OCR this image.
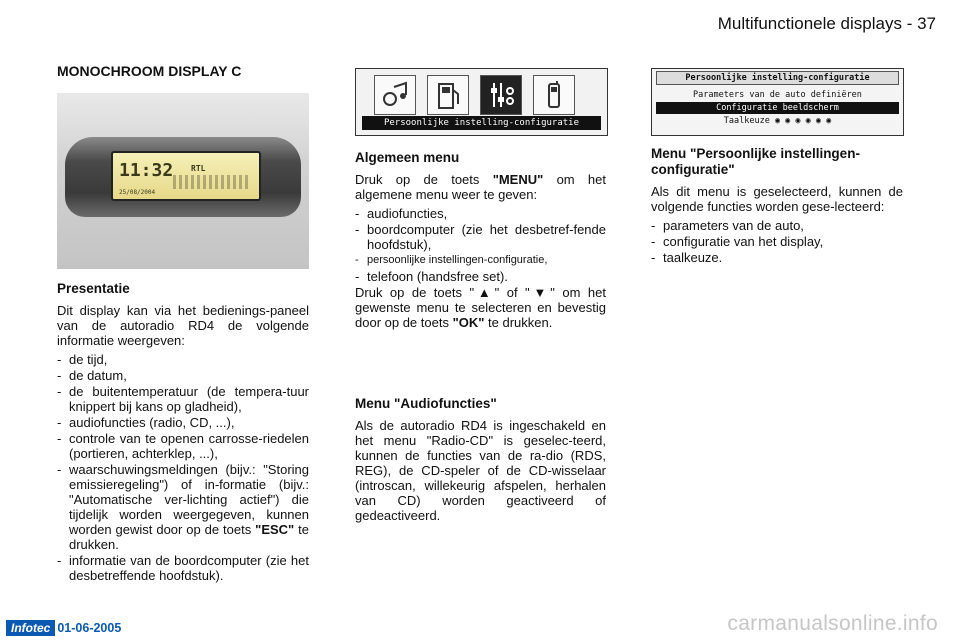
Multifunctionele displays - 37
MONOCHROOM DISPLAY C
11:32
25/08/2004
RTL
Presentatie

Dit display kan via het bedienings-paneel van de autoradio RD4 de volgende informatie weergeven:

- de tijd,
- de datum,
- de buitentemperatuur (de tempera-tuur knippert bij kans op gladheid),
- audiofuncties (radio, CD, ...),
- controle van te openen carrosse-riedelen (portieren, achterklep, ...),
- waarschuwingsmeldingen (bijv.: "Storing emissieregeling") of in-formatie (bijv.: "Automatische ver-lichting actief") die tijdelijk worden weergegeven, kunnen worden gewist door op de toets "ESC" te drukken.
- informatie van de boordcomputer (zie het desbetreffende hoofdstuk).
Persoonlijke instelling-configuratie
Algemeen menu

Druk op de toets "MENU" om het algemene menu weer te geven:

- audiofuncties,
- boordcomputer (zie het desbetref-fende hoofdstuk),
- persoonlijke instellingen-configuratie,
- telefoon (handsfree set).

Druk op de toets "▲" of "▼" om het gewenste menu te selecteren en bevestig door op de toets "OK" te drukken.

Menu "Audiofuncties"

Als de autoradio RD4 is ingeschakeld en het menu "Radio-CD" is geselec-teerd, kunnen de functies van de ra-dio (RDS, REG), de CD-speler of de CD-wisselaar (introscan, willekeurig afspelen, herhalen van CD) worden geactiveerd of gedeactiveerd.

Persoonlijke instelling-configuratie
Parameters van de auto definiëren
Configuratie beeldscherm
Taalkeuze ◉ ◉ ◉ ◉ ◉ ◉
Menu "Persoonlijke instellingen-configuratie"

Als dit menu is geselecteerd, kunnen de volgende functies worden gese-lecteerd:

- parameters van de auto,
- configuratie van het display,
- taalkeuze.
Infotec 01-06-2005	carmanualsonline.info
